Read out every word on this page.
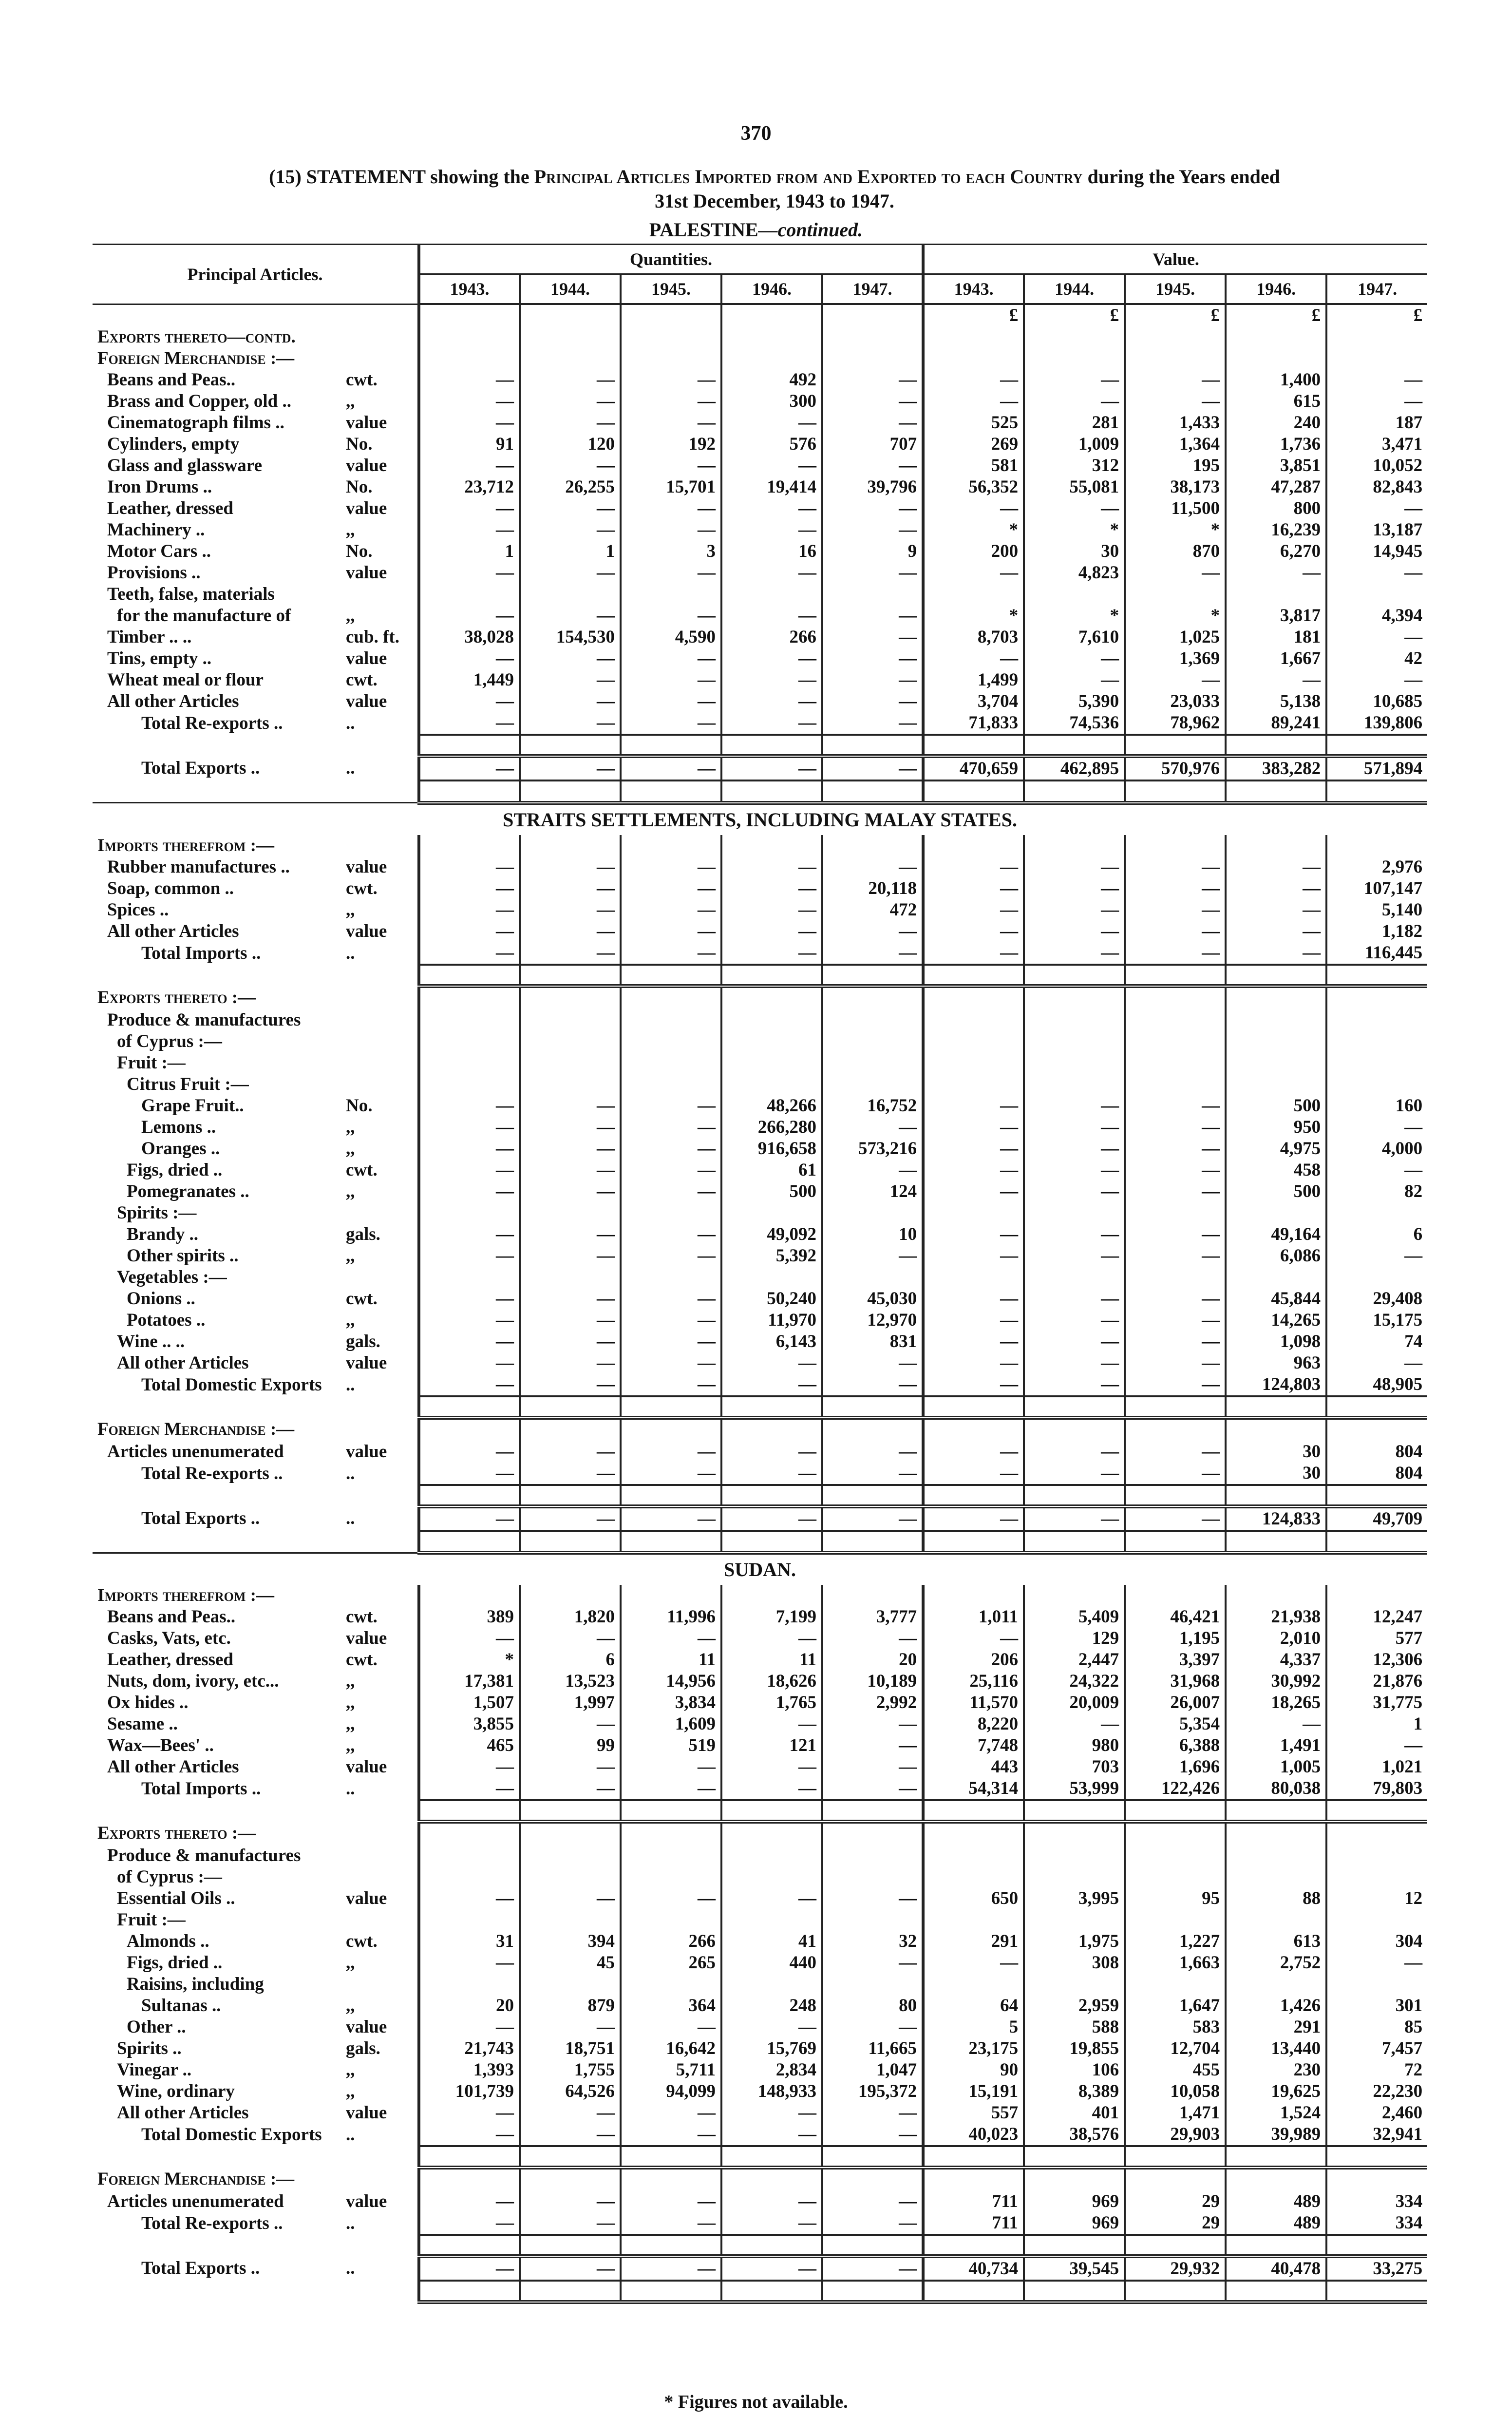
370
(15) STATEMENT showing the Principal Articles Imported from and Exported to each Country during the Years ended
31st December, 1943 to 1947.
PALESTINE—continued.
Principal Articles.		Quantities.					Value.				
		1943.	1944.	1945.	1946.	1947.	1943.	1944.	1945.	1946.	1947.
							£	£	£	£	£
Exports thereto—contd.											
Foreign Merchandise :—											
Beans and Peas..	cwt.	—	—	—	492	—	—	—	—	1,400	—
Brass and Copper, old ..	,,	—	—	—	300	—	—	—	—	615	—
Cinematograph films ..	value	—	—	—	—	—	525	281	1,433	240	187
Cylinders, empty	No.	91	120	192	576	707	269	1,009	1,364	1,736	3,471
Glass and glassware	value	—	—	—	—	—	581	312	195	3,851	10,052
Iron Drums ..	No.	23,712	26,255	15,701	19,414	39,796	56,352	55,081	38,173	47,287	82,843
Leather, dressed	value	—	—	—	—	—	—	—	11,500	800	—
Machinery ..	,,	—	—	—	—	—	*	*	*	16,239	13,187
Motor Cars ..	No.	1	1	3	16	9	200	30	870	6,270	14,945
Provisions ..	value	—	—	—	—	—	—	4,823	—	—	—
Teeth, false, materials											
for the manufacture of	,,	—	—	—	—	—	*	*	*	3,817	4,394
Timber .. ..	cub. ft.	38,028	154,530	4,590	266	—	8,703	7,610	1,025	181	—
Tins, empty ..	value	—	—	—	—	—	—	—	1,369	1,667	42
Wheat meal or flour	cwt.	1,449	—	—	—	—	1,499	—	—	—	—
All other Articles	value	—	—	—	—	—	3,704	5,390	23,033	5,138	10,685
Total Re-exports ..	..	—	—	—	—	—	71,833	74,536	78,962	89,241	139,806

Total Exports ..	..	—	—	—	—	—	470,659	462,895	570,976	383,282	571,894

STRAITS SETTLEMENTS, INCLUDING MALAY STATES.											
Imports therefrom :—											
Rubber manufactures ..	value	—	—	—	—	—	—	—	—	—	2,976
Soap, common ..	cwt.	—	—	—	—	20,118	—	—	—	—	107,147
Spices ..	,,	—	—	—	—	472	—	—	—	—	5,140
All other Articles	value	—	—	—	—	—	—	—	—	—	1,182
Total Imports ..	..	—	—	—	—	—	—	—	—	—	116,445

Exports thereto :—											
Produce & manufactures											
of Cyprus :—											
Fruit :—											
Citrus Fruit :—											
Grape Fruit..	No.	—	—	—	48,266	16,752	—	—	—	500	160
Lemons ..	,,	—	—	—	266,280	—	—	—	—	950	—
Oranges ..	,,	—	—	—	916,658	573,216	—	—	—	4,975	4,000
Figs, dried ..	cwt.	—	—	—	61	—	—	—	—	458	—
Pomegranates ..	,,	—	—	—	500	124	—	—	—	500	82
Spirits :—											
Brandy ..	gals.	—	—	—	49,092	10	—	—	—	49,164	6
Other spirits ..	,,	—	—	—	5,392	—	—	—	—	6,086	—
Vegetables :—											
Onions ..	cwt.	—	—	—	50,240	45,030	—	—	—	45,844	29,408
Potatoes ..	,,	—	—	—	11,970	12,970	—	—	—	14,265	15,175
Wine .. ..	gals.	—	—	—	6,143	831	—	—	—	1,098	74
All other Articles	value	—	—	—	—	—	—	—	—	963	—
Total Domestic Exports	..	—	—	—	—	—	—	—	—	124,803	48,905

Foreign Merchandise :—											
Articles unenumerated	value	—	—	—	—	—	—	—	—	30	804
Total Re-exports ..	..	—	—	—	—	—	—	—	—	30	804

Total Exports ..	..	—	—	—	—	—	—	—	—	124,833	49,709

SUDAN.											
Imports therefrom :—											
Beans and Peas..	cwt.	389	1,820	11,996	7,199	3,777	1,011	5,409	46,421	21,938	12,247
Casks, Vats, etc.	value	—	—	—	—	—	—	129	1,195	2,010	577
Leather, dressed	cwt.	*	6	11	11	20	206	2,447	3,397	4,337	12,306
Nuts, dom, ivory, etc...	,,	17,381	13,523	14,956	18,626	10,189	25,116	24,322	31,968	30,992	21,876
Ox hides ..	,,	1,507	1,997	3,834	1,765	2,992	11,570	20,009	26,007	18,265	31,775
Sesame ..	,,	3,855	—	1,609	—	—	8,220	—	5,354	—	1
Wax—Bees' ..	,,	465	99	519	121	—	7,748	980	6,388	1,491	—
All other Articles	value	—	—	—	—	—	443	703	1,696	1,005	1,021
Total Imports ..	..	—	—	—	—	—	54,314	53,999	122,426	80,038	79,803

Exports thereto :—											
Produce & manufactures											
of Cyprus :—											
Essential Oils ..	value	—	—	—	—	—	650	3,995	95	88	12
Fruit :—											
Almonds ..	cwt.	31	394	266	41	32	291	1,975	1,227	613	304
Figs, dried ..	,,	—	45	265	440	—	—	308	1,663	2,752	—
Raisins, including											
Sultanas ..	,,	20	879	364	248	80	64	2,959	1,647	1,426	301
Other ..	value	—	—	—	—	—	5	588	583	291	85
Spirits ..	gals.	21,743	18,751	16,642	15,769	11,665	23,175	19,855	12,704	13,440	7,457
Vinegar ..	,,	1,393	1,755	5,711	2,834	1,047	90	106	455	230	72
Wine, ordinary	,,	101,739	64,526	94,099	148,933	195,372	15,191	8,389	10,058	19,625	22,230
All other Articles	value	—	—	—	—	—	557	401	1,471	1,524	2,460
Total Domestic Exports	..	—	—	—	—	—	40,023	38,576	29,903	39,989	32,941

Foreign Merchandise :—											
Articles unenumerated	value	—	—	—	—	—	711	969	29	489	334
Total Re-exports ..	..	—	—	—	—	—	711	969	29	489	334

Total Exports ..	..	—	—	—	—	—	40,734	39,545	29,932	40,478	33,275

* Figures not available.
